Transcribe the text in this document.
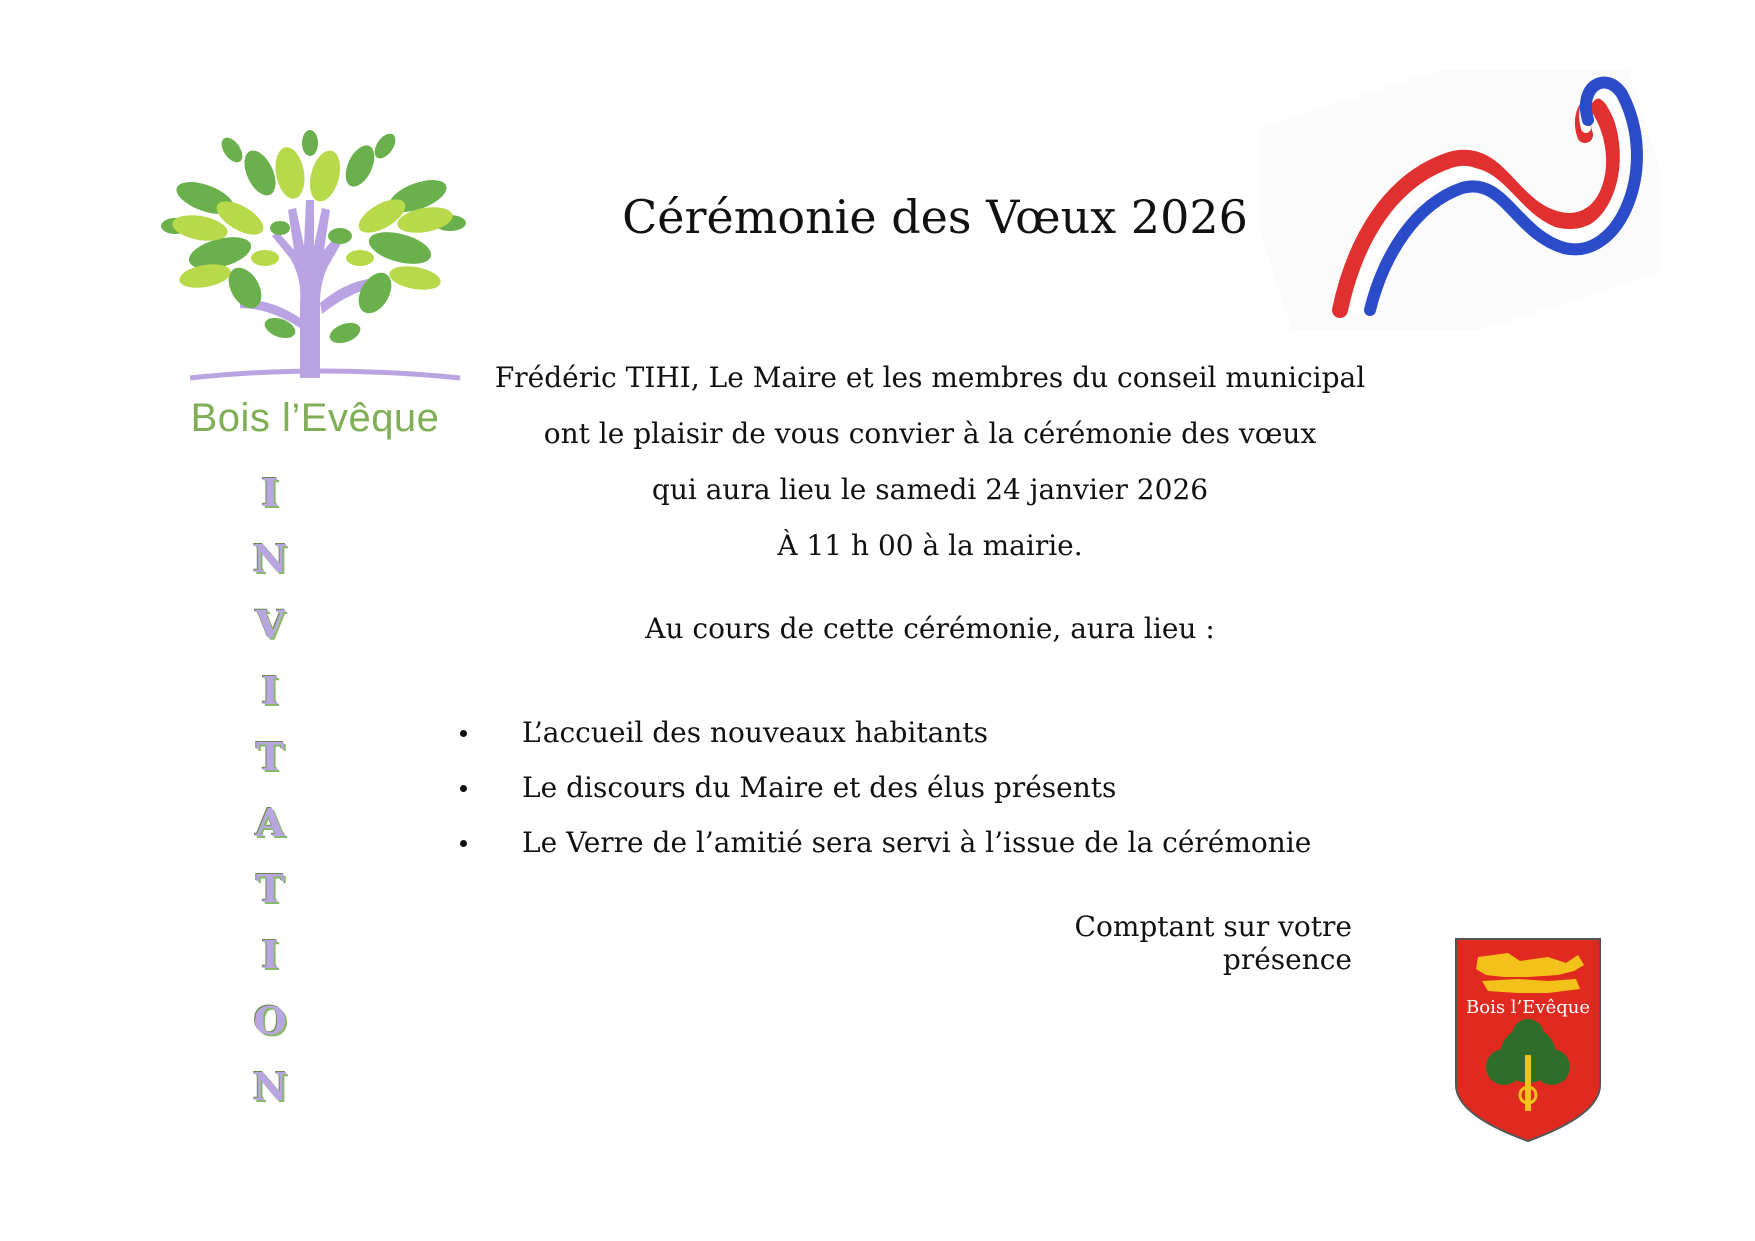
Bois l’Evêque
I
N
V
I
T
A
T
I
O
N
Cérémonie des Vœux 2026
Frédéric TIHI, Le Maire et les membres du conseil municipal
ont le plaisir de vous convier à la cérémonie des vœux
qui aura lieu le samedi 24 janvier 2026
À 11 h 00 à la mairie.
Au cours de cette cérémonie, aura lieu :
L’accueil des nouveaux habitants
Le discours du Maire et des élus présents
Le Verre de l’amitié sera servi à l’issue de la cérémonie
Comptant sur votre présence
Bois l’Evêque
